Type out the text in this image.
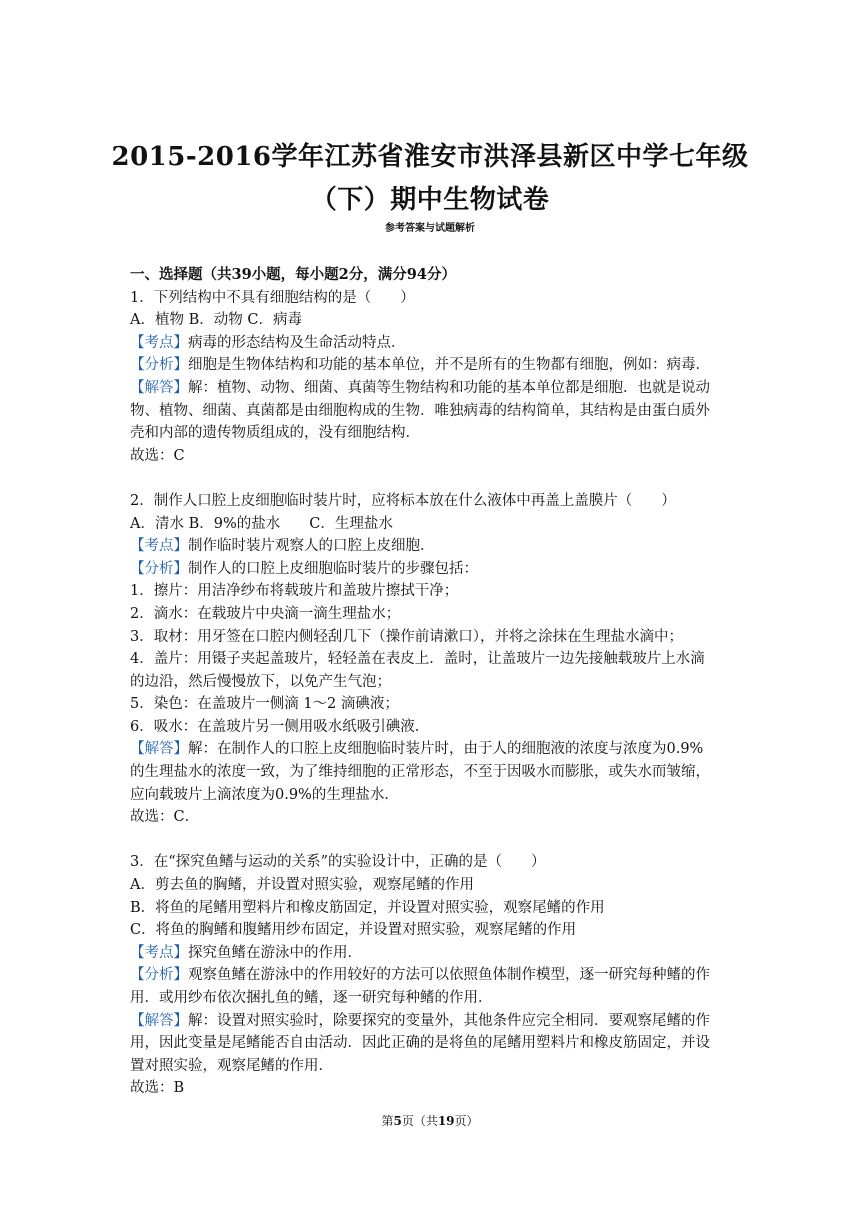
2015-2016学年江苏省淮安市洪泽县新区中学七年级
（下）期中生物试卷
参考答案与试题解析
一、选择题（共39小题，每小题2分，满分94分）
1．下列结构中不具有细胞结构的是（　　）
A．植物 B．动物 C．病毒
【考点】病毒的形态结构及生命活动特点．
【分析】细胞是生物体结构和功能的基本单位，并不是所有的生物都有细胞，例如：病毒．
【解答】解：植物、动物、细菌、真菌等生物结构和功能的基本单位都是细胞．也就是说动
物、植物、细菌、真菌都是由细胞构成的生物．唯独病毒的结构简单，其结构是由蛋白质外
壳和内部的遗传物质组成的，没有细胞结构．
故选：C
2．制作人口腔上皮细胞临时装片时，应将标本放在什么液体中再盖上盖膜片（　　）
A．清水 B．9%的盐水　　C．生理盐水
【考点】制作临时装片观察人的口腔上皮细胞．
【分析】制作人的口腔上皮细胞临时装片的步骤包括：
1．擦片：用洁净纱布将载玻片和盖玻片擦拭干净；
2．滴水：在载玻片中央滴一滴生理盐水；
3．取材：用牙签在口腔内侧轻刮几下（操作前请漱口），并将之涂抹在生理盐水滴中；
4．盖片：用镊子夹起盖玻片，轻轻盖在表皮上．盖时，让盖玻片一边先接触载玻片上水滴
的边沿，然后慢慢放下，以免产生气泡；
5．染色：在盖玻片一侧滴 1～2 滴碘液；
6．吸水：在盖玻片另一侧用吸水纸吸引碘液．
【解答】解：在制作人的口腔上皮细胞临时装片时，由于人的细胞液的浓度与浓度为0.9%
的生理盐水的浓度一致，为了维持细胞的正常形态，不至于因吸水而膨胀，或失水而皱缩，
应向载玻片上滴浓度为0.9%的生理盐水．
故选：C．
3．在“探究鱼鳍与运动的关系”的实验设计中，正确的是（　　）
A．剪去鱼的胸鳍，并设置对照实验，观察尾鳍的作用
B．将鱼的尾鳍用塑料片和橡皮筋固定，并设置对照实验，观察尾鳍的作用
C．将鱼的胸鳍和腹鳍用纱布固定，并设置对照实验，观察尾鳍的作用
【考点】探究鱼鳍在游泳中的作用．
【分析】观察鱼鳍在游泳中的作用较好的方法可以依照鱼体制作模型，逐一研究每种鳍的作
用．或用纱布依次捆扎鱼的鳍，逐一研究每种鳍的作用．
【解答】解：设置对照实验时，除要探究的变量外，其他条件应完全相同．要观察尾鳍的作
用，因此变量是尾鳍能否自由活动．因此正确的是将鱼的尾鳍用塑料片和橡皮筋固定，并设
置对照实验，观察尾鳍的作用．
故选：B
第5页（共19页）
